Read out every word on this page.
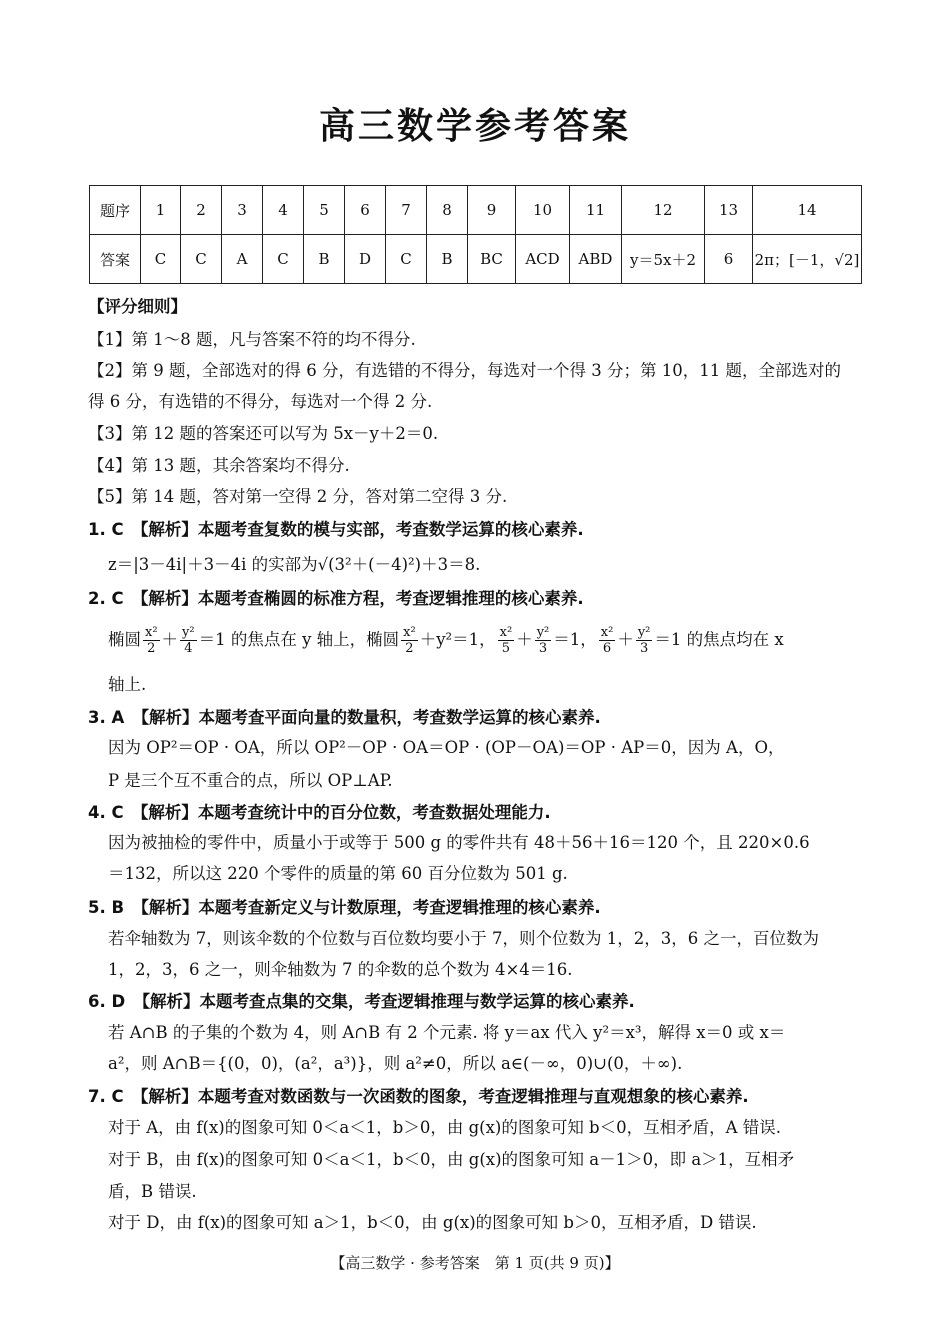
高三数学参考答案
题序	1	2	3	4	5	6	7	8	9	10	11	12	13	14
答案	C	C	A	C	B	D	C	B	BC	ACD	ABD	y＝5x＋2	6	2π；[－1，√2]
【评分细则】
【1】第 1～8 题，凡与答案不符的均不得分.
【2】第 9 题，全部选对的得 6 分，有选错的不得分，每选对一个得 3 分；第 10，11 题，全部选对的
得 6 分，有选错的不得分，每选对一个得 2 分.
【3】第 12 题的答案还可以写为 5x－y＋2＝0.
【4】第 13 题，其余答案均不得分.
【5】第 14 题，答对第一空得 2 分，答对第二空得 3 分.
1. C　【解析】本题考查复数的模与实部，考查数学运算的核心素养.
z＝|3－4i|＋3－4i 的实部为√(3²＋(－4)²)＋3＝8.
2. C　【解析】本题考查椭圆的标准方程，考查逻辑推理的核心素养.
椭圆 $\frac{\text{x²}}{2} + \frac{\text{y²}}{4} =1$ 的焦点在 y 轴上，椭圆 $\frac{\text{x²}}{2} +y^2=1$， $\frac{\text{x²}}{5} + \frac{\text{y²}}{3} =1$， $\frac{\text{x²}}{6} + \frac{\text{y²}}{3} =1$ 的焦点均在 x
轴上.
3. A　【解析】本题考查平面向量的数量积，考查数学运算的核心素养.
因为 OP²＝OP · OA，所以 OP²－OP · OA＝OP · (OP－OA)＝OP · AP＝0，因为 A，O，
P 是三个互不重合的点，所以 OP⊥AP.
4. C　【解析】本题考查统计中的百分位数，考查数据处理能力.
因为被抽检的零件中，质量小于或等于 500 g 的零件共有 48＋56＋16＝120 个，且 220×0.6
＝132，所以这 220 个零件的质量的第 60 百分位数为 501 g.
5. B　【解析】本题考查新定义与计数原理，考查逻辑推理的核心素养.
若伞轴数为 7，则该伞数的个位数与百位数均要小于 7，则个位数为 1，2，3，6 之一，百位数为
1，2，3，6 之一，则伞轴数为 7 的伞数的总个数为 4×4＝16.
6. D　【解析】本题考查点集的交集，考查逻辑推理与数学运算的核心素养.
若 A∩B 的子集的个数为 4，则 A∩B 有 2 个元素. 将 y＝ax 代入 y²＝x³，解得 x＝0 或 x＝
a²，则 A∩B＝{(0，0)，(a²，a³)}，则 a²≠0，所以 a∈(－∞，0)∪(0，＋∞).
7. C　【解析】本题考查对数函数与一次函数的图象，考查逻辑推理与直观想象的核心素养.
对于 A，由 f(x)的图象可知 0＜a＜1，b＞0，由 g(x)的图象可知 b＜0，互相矛盾，A 错误.
对于 B，由 f(x)的图象可知 0＜a＜1，b＜0，由 g(x)的图象可知 a－1＞0，即 a＞1，互相矛
盾，B 错误.
对于 D，由 f(x)的图象可知 a＞1，b＜0，由 g(x)的图象可知 b＞0，互相矛盾，D 错误.
【高三数学 · 参考答案　第 1 页(共 9 页)】
